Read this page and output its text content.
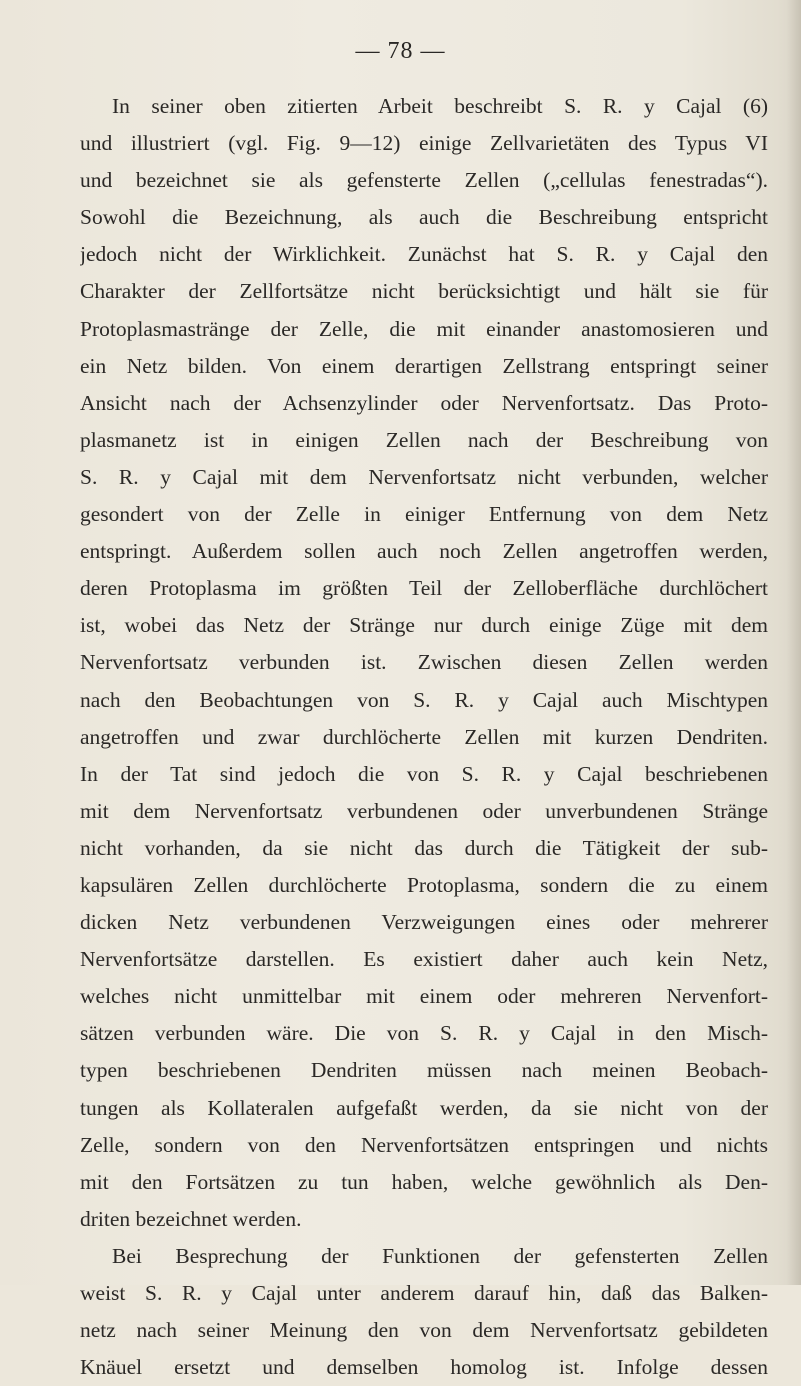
— 78 —
In seiner oben zitierten Arbeit beschreibt S. R. y Cajal (6)
und illustriert (vgl. Fig. 9—12) einige Zellvarietäten des Typus VI
und bezeichnet sie als gefensterte Zellen („cellulas fenestradas“).
Sowohl die Bezeichnung, als auch die Beschreibung entspricht
jedoch nicht der Wirklichkeit. Zunächst hat S. R. y Cajal den
Charakter der Zellfortsätze nicht berücksichtigt und hält sie für
Protoplasmastränge der Zelle, die mit einander anastomosieren und
ein Netz bilden. Von einem derartigen Zellstrang entspringt seiner
Ansicht nach der Achsenzylinder oder Nervenfortsatz. Das Proto-
plasmanetz ist in einigen Zellen nach der Beschreibung von
S. R. y Cajal mit dem Nervenfortsatz nicht verbunden, welcher
gesondert von der Zelle in einiger Entfernung von dem Netz
entspringt. Außerdem sollen auch noch Zellen angetroffen werden,
deren Protoplasma im größten Teil der Zelloberfläche durchlöchert
ist, wobei das Netz der Stränge nur durch einige Züge mit dem
Nervenfortsatz verbunden ist. Zwischen diesen Zellen werden
nach den Beobachtungen von S. R. y Cajal auch Mischtypen
angetroffen und zwar durchlöcherte Zellen mit kurzen Dendriten.
In der Tat sind jedoch die von S. R. y Cajal beschriebenen
mit dem Nervenfortsatz verbundenen oder unverbundenen Stränge
nicht vorhanden, da sie nicht das durch die Tätigkeit der sub-
kapsulären Zellen durchlöcherte Protoplasma, sondern die zu einem
dicken Netz verbundenen Verzweigungen eines oder mehrerer
Nervenfortsätze darstellen. Es existiert daher auch kein Netz,
welches nicht unmittelbar mit einem oder mehreren Nervenfort-
sätzen verbunden wäre. Die von S. R. y Cajal in den Misch-
typen beschriebenen Dendriten müssen nach meinen Beobach-
tungen als Kollateralen aufgefaßt werden, da sie nicht von der
Zelle, sondern von den Nervenfortsätzen entspringen und nichts
mit den Fortsätzen zu tun haben, welche gewöhnlich als Den-
driten bezeichnet werden.
Bei Besprechung der Funktionen der gefensterten Zellen
weist S. R. y Cajal unter anderem darauf hin, daß das Balken-
netz nach seiner Meinung den von dem Nervenfortsatz gebildeten
Knäuel ersetzt und demselben homolog ist. Infolge dessen
